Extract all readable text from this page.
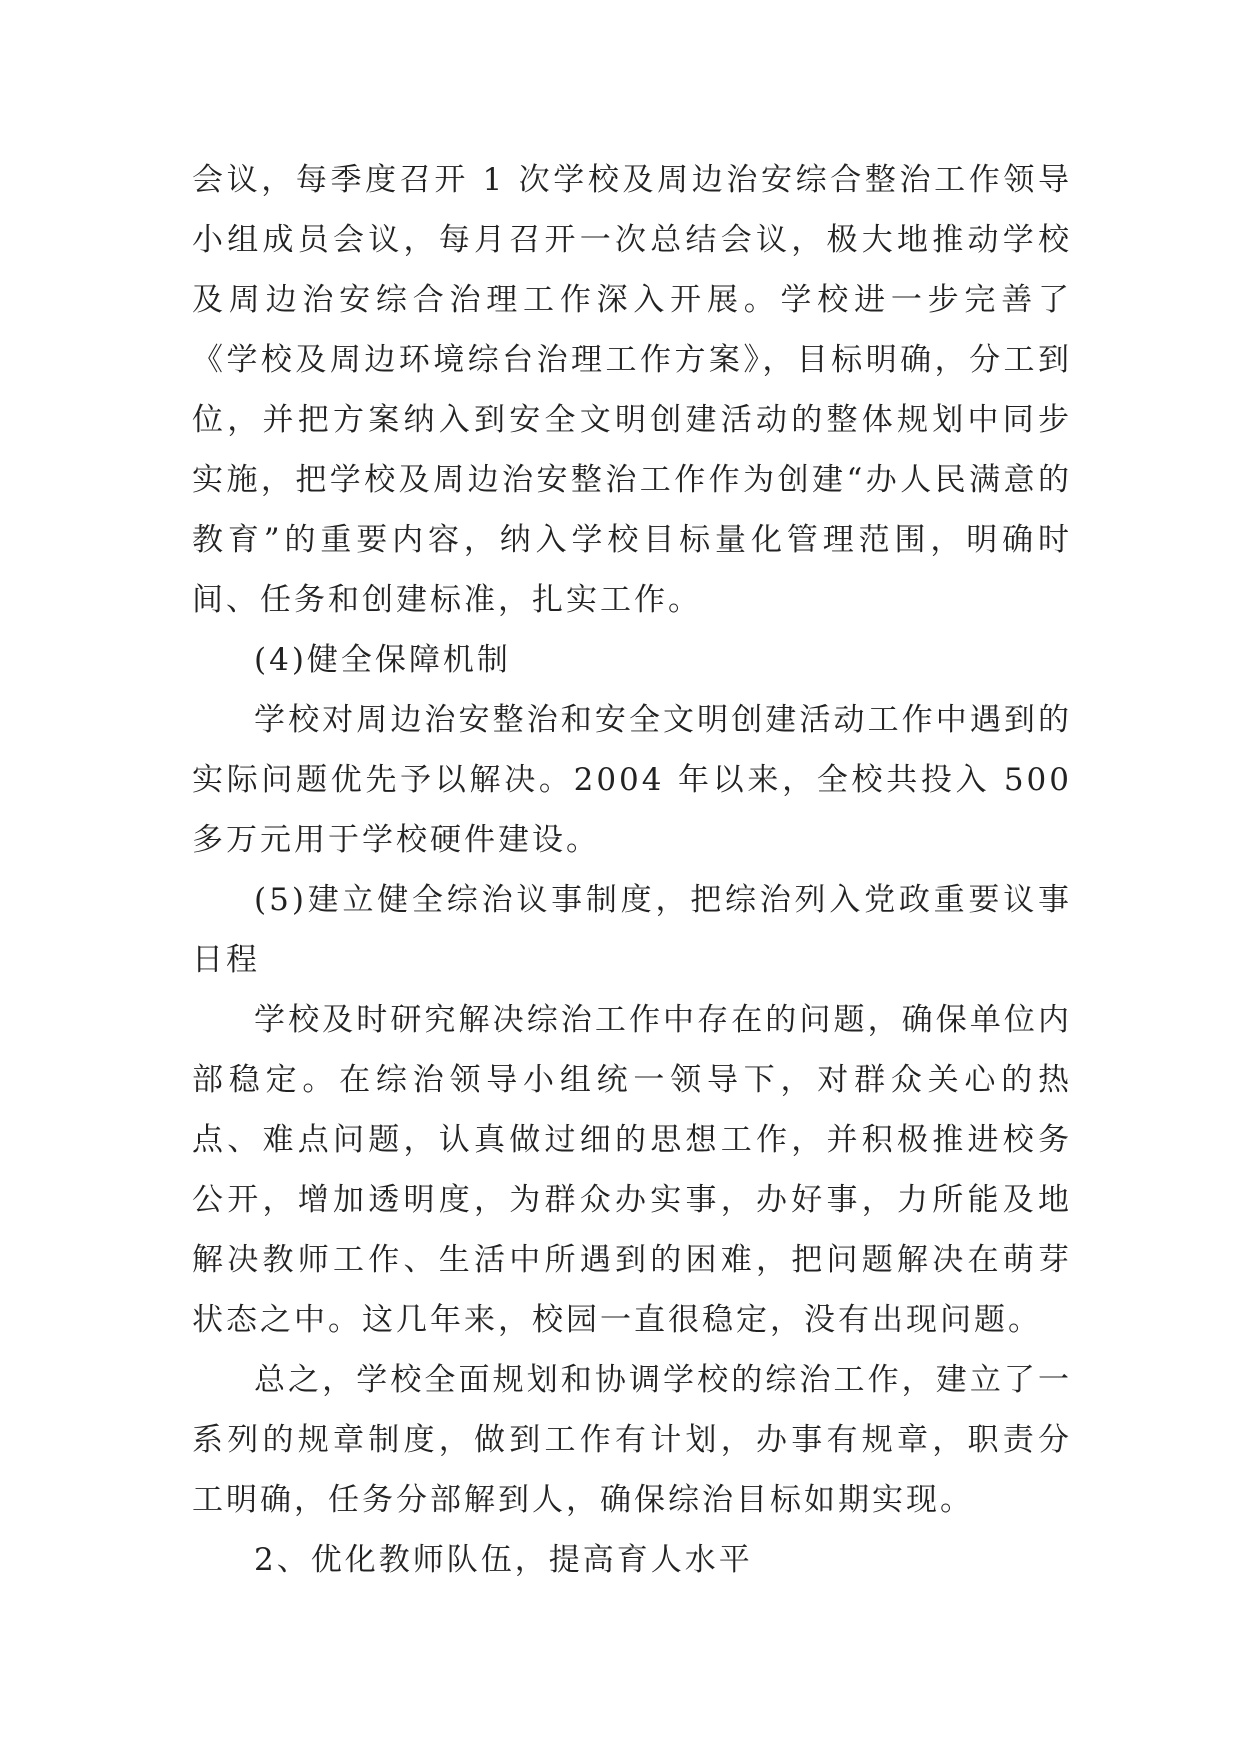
会议，每季度召开 1 次学校及周边治安综合整治工作领导小组成员会议，每月召开一次总结会议，极大地推动学校及周边治安综合治理工作深入开展。学校进一步完善了《学校及周边环境综台治理工作方案》，目标明确，分工到位，并把方案纳入到安全文明创建活动的整体规划中同步实施，把学校及周边治安整治工作作为创建“办人民满意的教育”的重要内容，纳入学校目标量化管理范围，明确时间、任务和创建标准，扎实工作。

(4)健全保障机制

学校对周边治安整治和安全文明创建活动工作中遇到的实际问题优先予以解决。2004 年以来，全校共投入 500 多万元用于学校硬件建设。

(5)建立健全综治议事制度，把综治列入党政重要议事日程

学校及时研究解决综治工作中存在的问题，确保单位内部稳定。在综治领导小组统一领导下，对群众关心的热点、难点问题，认真做过细的思想工作，并积极推进校务公开，增加透明度，为群众办实事，办好事，力所能及地解决教师工作、生活中所遇到的困难，把问题解决在萌芽状态之中。这几年来，校园一直很稳定，没有出现问题。

总之，学校全面规划和协调学校的综治工作，建立了一系列的规章制度，做到工作有计划，办事有规章，职责分工明确，任务分部解到人，确保综治目标如期实现。

2、优化教师队伍，提高育人水平
